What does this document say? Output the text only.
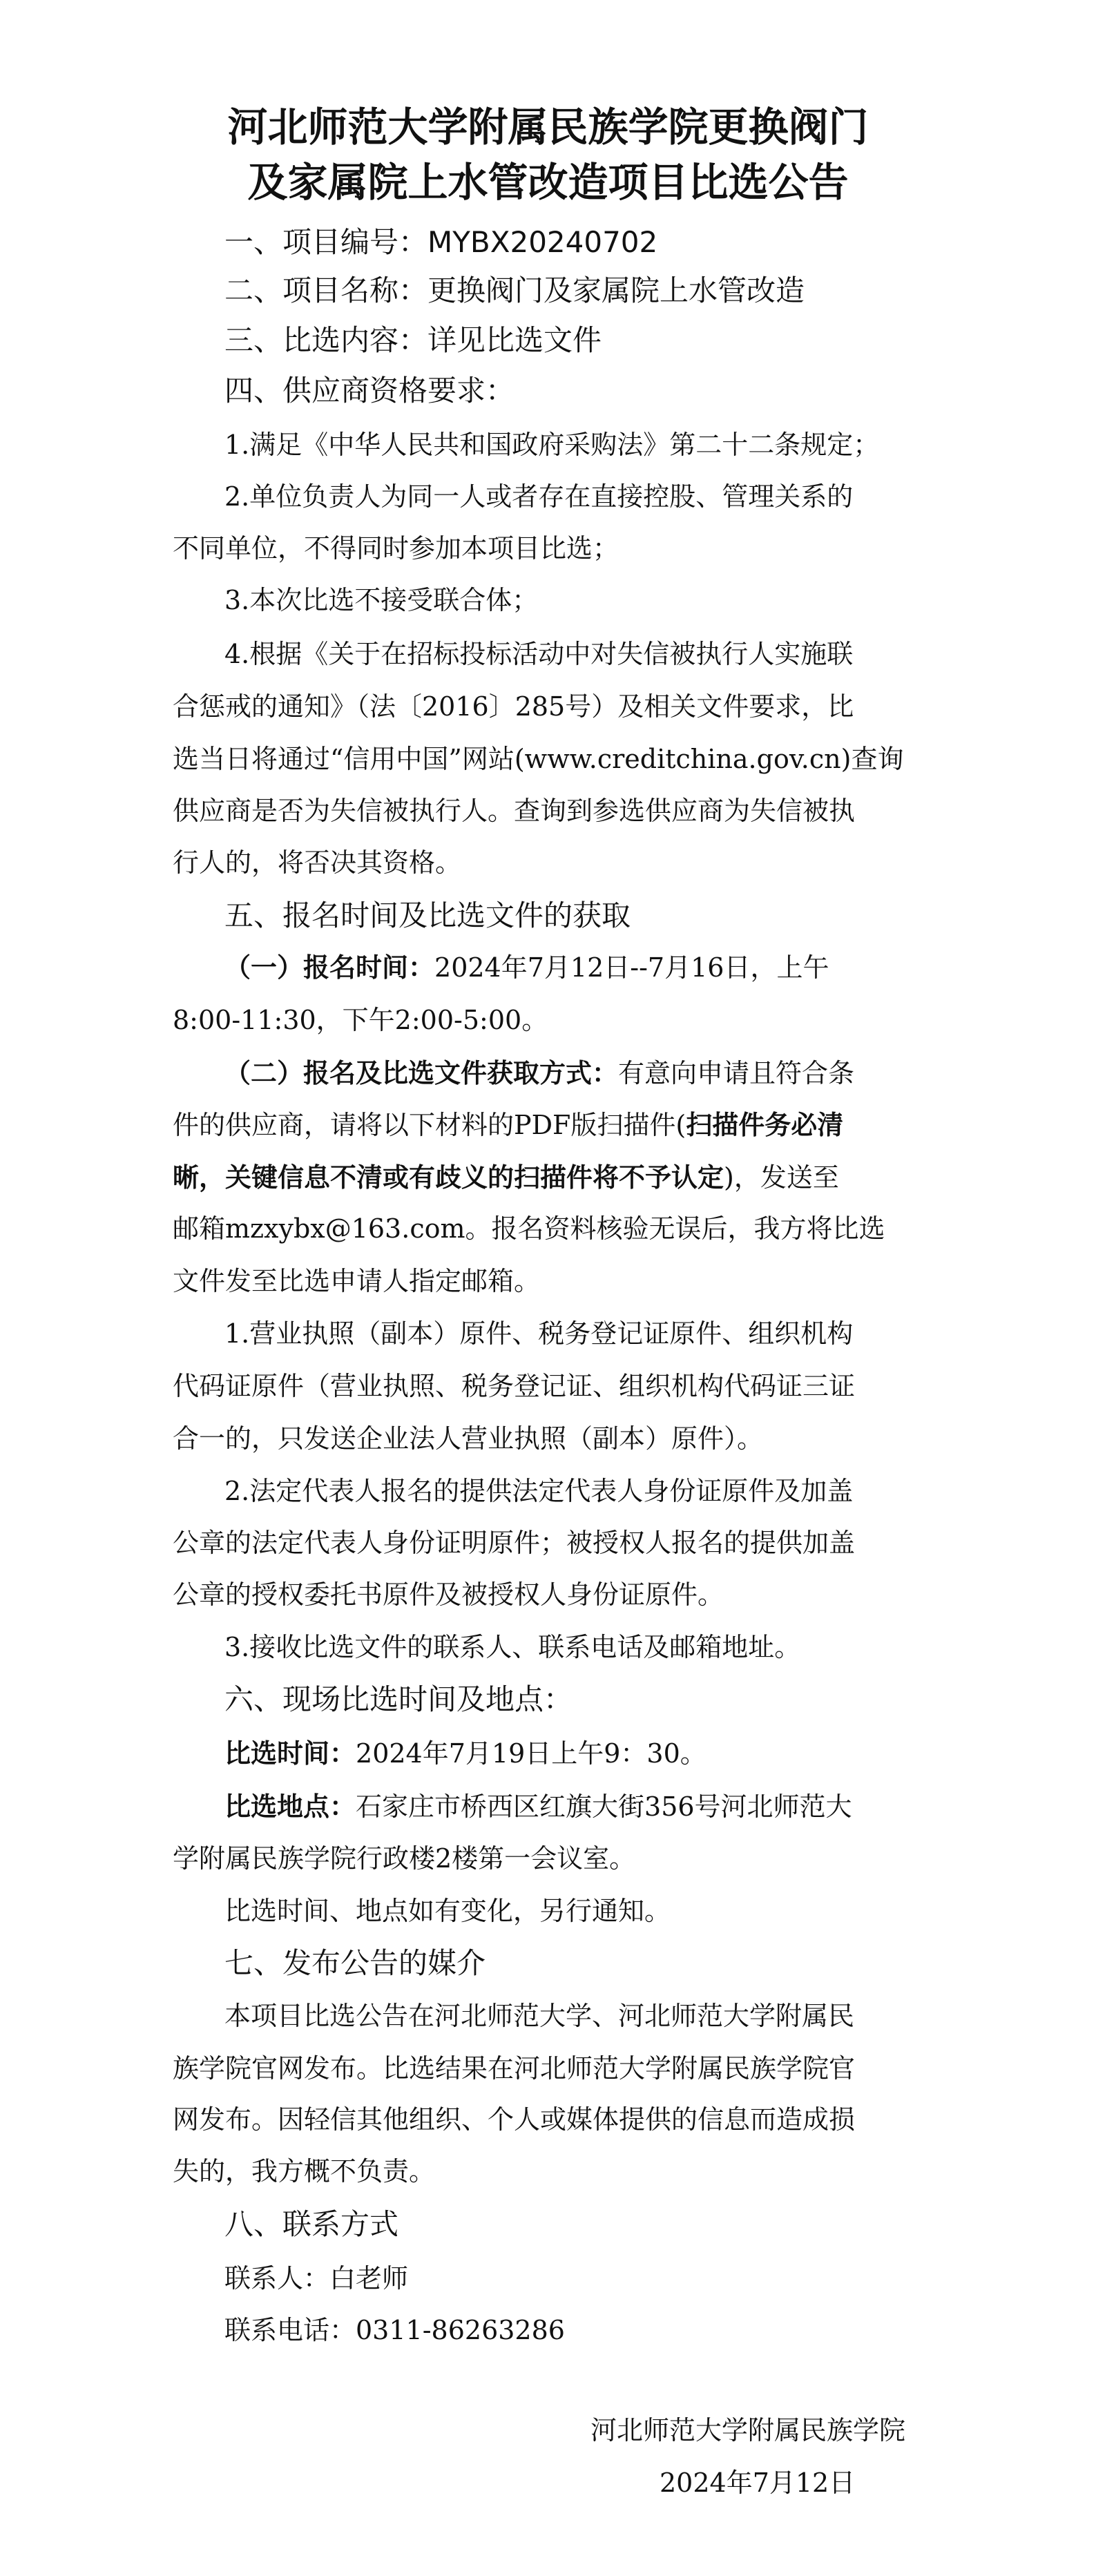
河北师范大学附属民族学院更换阀门
及家属院上水管改造项目比选公告
一、项目编号：MYBX20240702
二、项目名称：更换阀门及家属院上水管改造
三、比选内容：详见比选文件
四、供应商资格要求：
1.满足《中华人民共和国政府采购法》第二十二条规定；
2.单位负责人为同一人或者存在直接控股、管理关系的
不同单位，不得同时参加本项目比选；
3.本次比选不接受联合体；
4.根据《关于在招标投标活动中对失信被执行人实施联
合惩戒的通知》（法〔2016〕285号）及相关文件要求，比
选当日将通过“信用中国”网站(www.creditchina.gov.cn)查询
供应商是否为失信被执行人。查询到参选供应商为失信被执
行人的，将否决其资格。
五、报名时间及比选文件的获取
（一）报名时间：2024年7月12日--7月16日，上午
8:00-11:30，下午2:00-5:00。
（二）报名及比选文件获取方式：有意向申请且符合条
件的供应商，请将以下材料的PDF版扫描件(扫描件务必清
晰，关键信息不清或有歧义的扫描件将不予认定)，发送至
邮箱mzxybx@163.com。报名资料核验无误后，我方将比选
文件发至比选申请人指定邮箱。
1.营业执照（副本）原件、税务登记证原件、组织机构
代码证原件（营业执照、税务登记证、组织机构代码证三证
合一的，只发送企业法人营业执照（副本）原件）。
2.法定代表人报名的提供法定代表人身份证原件及加盖
公章的法定代表人身份证明原件；被授权人报名的提供加盖
公章的授权委托书原件及被授权人身份证原件。
3.接收比选文件的联系人、联系电话及邮箱地址。
六、现场比选时间及地点：
比选时间：2024年7月19日上午9：30。
比选地点：石家庄市桥西区红旗大街356号河北师范大
学附属民族学院行政楼2楼第一会议室。
比选时间、地点如有变化，另行通知。
七、发布公告的媒介
本项目比选公告在河北师范大学、河北师范大学附属民
族学院官网发布。比选结果在河北师范大学附属民族学院官
网发布。因轻信其他组织、个人或媒体提供的信息而造成损
失的，我方概不负责。
八、联系方式
联系人：白老师
联系电话：0311-86263286
河北师范大学附属民族学院
2024年7月12日
